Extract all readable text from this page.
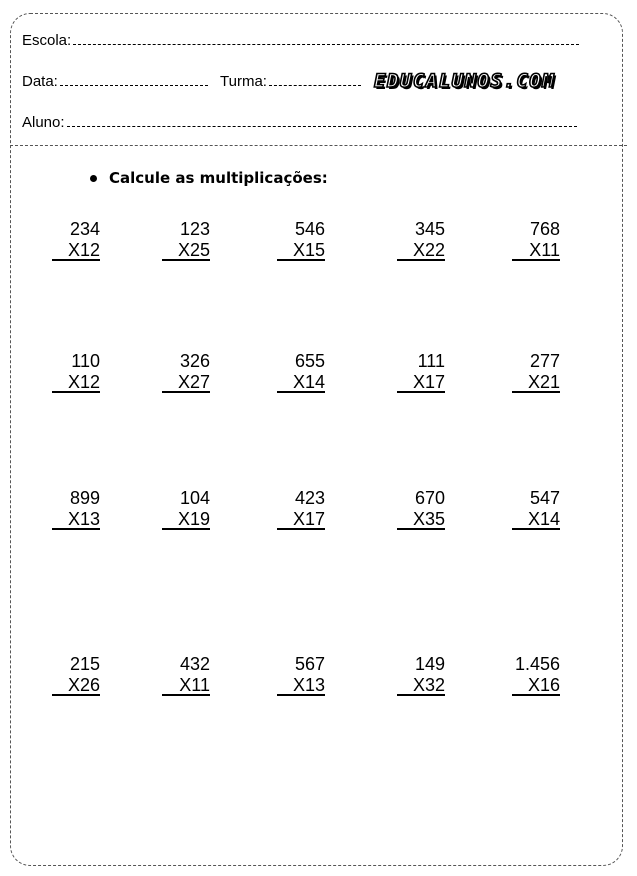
Escola:
Data:	Turma:	EDUCALUNOS.COM
Aluno:
Calcule as multiplicações:
234
X12
123
X25
546
X15
345
X22
768
X11
110
X12
326
X27
655
X14
111
X17
277
X21
899
X13
104
X19
423
X17
670
X35
547
X14
215
X26
432
X11
567
X13
149
X32
1.456
X16
